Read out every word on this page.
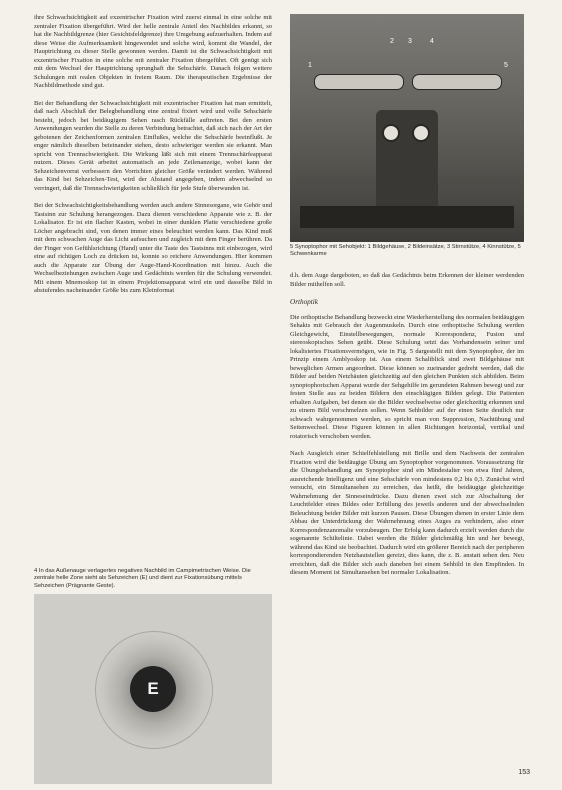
ihre Schwachsichtigkeit auf exzentrischer Fixation wird zuerst einmal in eine solche mit zentraler Fixation übergeführt. Wird der helle zentrale Anteil des Nachbildes erkannt, so hat die Nachbildgrenze (hier Gesichtsfeldgrenze) ihre Umgebung aufzuerhalten. Indem auf diese Weise die Aufmerksamkeit hingewendet und solche wird, kommt die Wandel, der Hauptrichtung zu dieser Stelle gewonnen werden. Damit ist die Schwachsichtigkeit mit exzentrischer Fixation in eine solche mit zentraler Fixation übergeführt. Oft genügt sich mit dem Wechsel der Hauptrichtung sprunghaft die Sehschärfe. Danach folgen weitere Schulungen mit realen Objekten in freiem Raum. Die therapeutischen Ergebnisse der Nachbildmethode sind gut.

Bei der Behandlung der Schwachsichtigkeit mit exzentrischer Fixation hat man ermittelt, daß nach Abschluß der Belegbehandlung eine zentral fixiert wird und volle Sehschärfe besteht, jedoch bei beidäugigem Sehen rasch Rückfälle auftreten. Bei den ersten Anwendungen wurden die Stelle zu deren Verbindung betrachtet, daß sich nach der Art der gebotenen der Zeichenformen zentralen Einflußes, welche die Sehschärfe beeinflußt. Je enger nämlich dieselben beieinander stehen, desto schwieriger werden sie erkannt. Man spricht von Trennschwierigkeit. Die Wirkung läßt sich mit einem Trennschärfeapparat nutzen. Dieses Gerät arbeitet automatisch an jede Zeilenanzeige, wobei kann der Sehzeichenvorrat verbessern den Vorrichten gleicher Größe verändert werden. Während das Kind bei Sehzeichen-Test, wird der Abstand angegeben, indem abwechselnd so verringert, daß die Trennschwierigkeiten schließlich für jede Stufe überwunden ist.

Bei der Schwachsichtigkeitsbehandlung werden auch andere Sinnesorgane, wie Gehör und Tastsinn zur Schulung herangezogen. Dazu dienen verschiedene Apparate wie z. B. der Lokalisator. Er ist ein flacher Kasten, wobei in einer dunklen Platte verschiedene große Löcher angebracht sind, von denen immer eines beleuchtet werden kann. Das Kind muß mit dem schwachen Auge das Licht aufsuchen und zugleich mit dem Finger berühren. Da der Finger von Gefühlsrichtung (Hand) unter die Taste des Tastsinns mit einbezogen, wird eine auf richtigen Loch zu drücken ist, konnte so reichere Anwendungen. Hier kommen auch die Apparate zur Übung der Auge-Hand-Koordination mit hinzu. Auch die Wechselbeziehungen zwischen Auge und Gedächtnis werden für die Schulung verwendet. Mit einem Mnemoskop ist in einem Projektionsapparat wird ein und dasselbe Bild in abstufendes nacheinander Größe bis zum Kleinformat

1
2 3	4
5
5 Synoptophor mit Sehobjekt: 1 Bildgehäuse, 2 Bildeinsätze, 3 Stirnstütze, 4 Kinnstütze, 5 Schwenkarme

d.h. dem Auge dargeboten, so daß das Gedächtnis beim Erkennen der kleiner werdenden Bilder mithelfen soll.

Orthoptik

Die orthoptische Behandlung bezweckt eine Wiederherstellung des normalen beidäugigen Sehakts mit Gebrauch der Augenmuskeln. Durch eine orthoptische Schulung werden Gleichgewicht, Einstellbewegungen, normale Korrespondenz, Fusion und stereoskopisches Sehen geübt. Diese Schulung setzt das Vorhandensein seiner und lokalisiertes Fixationsvermögen, wie in Fig. 5 dargestellt mit dem Synoptophor, der im Prinzip einem Amblyoskop ist. Aus einem Schaltblick sind zwei Bildgehäuse mit beweglichen Armen angeordnet. Diese können so zueinander gedreht werden, daß die Bilder auf beiden Netzhäuten gleichzeitig auf den gleichen Punkten sich abbilden. Beim synoptophorischen Apparat wurde der Sehgehilfe im gerundeten Rahmen bewegt und zur festen Stelle aus zu beiden Bildern den einschlägigen Bilden gelegt. Die Patienten erhalten Aufgaben, bei denen sie die Bilder wechselweise oder gleichzeitig erkennen und zu einem Bild verschmelzen sollen. Wenn Sehbilder auf der einen Seite deutlich nur schwach wahrgenommen werden, so spricht man von Suppression, Nachtübung und Seitenwechsel. Diese Figuren können in allen Richtungen horizontal, vertikal und rotatorisch verschoben werden.

Nach Ausgleich einer Schielfehlstellung mit Brille und dem Nachweis der zentralen Fixation wird die beidäugige Übung am Synoptophor vorgenommen. Voraussetzung für die Übungsbehandlung am Synoptophor sind ein Mindestalter von etwa fünf Jahren, ausreichende Intelligenz und eine Sehschärfe von mindestens 0,2 bis 0,3. Zunächst wird versucht, ein Simultansehen zu erreichen, das heißt, die beidäugige gleichzeitige Wahrnehmung der Sinneseindrücke. Dazu dienen zwei sich zur Abschaltung der Leuchtfelder eines Bildes oder Erfüllung des jeweils anderen und der abwechselnden Beleuchtung beider Bilder mit kurzen Pausen. Diese Übungen dienen in erster Linie dem Abbau der Unterdrückung der Wahrnehmung eines Auges zu verhindern, also einer Korrespondenzanomalie vorzubeugen. Der Erfolg kann dadurch erzielt werden durch die sogenannte Schiltelinie. Dabei werden die Bilder gleichmäßig hin und her bewegt, während das Kind sie beobachtet. Dadurch wird ein größerer Bereich nach der peripheren korrespondierenden Netzhautstellen gereizt, dies kann, die z. B. anstatt sehen den. Neu erreichten, daß die Bilder sich auch daneben bei einem Sehbild in den Empfinden. In diesem Moment ist Simultansehen bei normaler Lokalisation.

4 In das Außenauge verlagertes negatives Nachbild im Campimetrischen Weise. Die zentrale helle Zone sieht als Sehzeichen (E) und dient zur Fixationsübung mittels Sehzeichen (Prägnante Geste).
E
153
